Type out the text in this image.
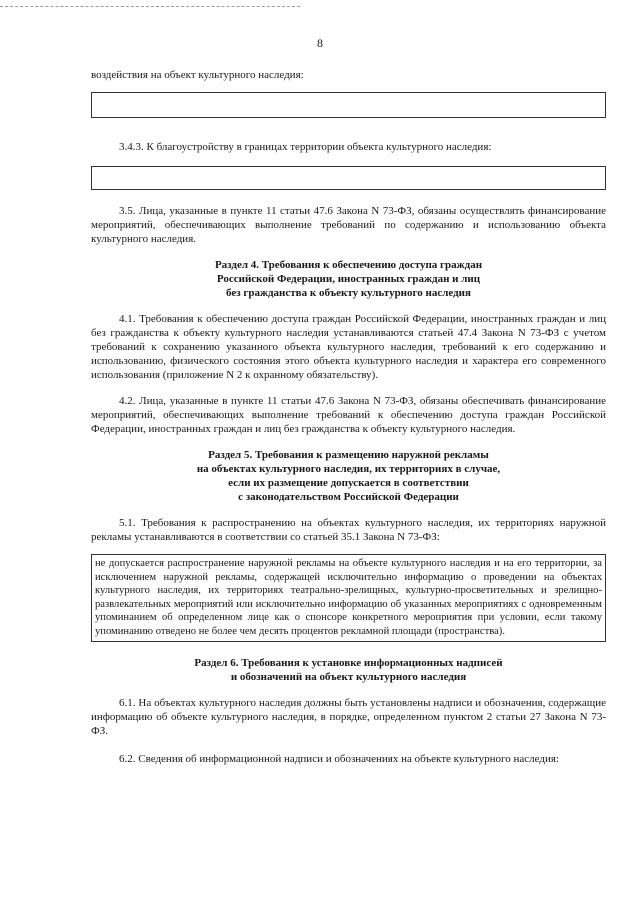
8

воздействия на объект культурного наследия:

3.4.3. К благоустройству в границах территории объекта культурного наследия:

3.5. Лица, указанные в пункте 11 статьи 47.6 Закона N 73-ФЗ, обязаны осуществлять финансирование мероприятий, обеспечивающих выполнение требований по содержанию и использованию объекта культурного наследия.

Раздел 4. Требования к обеспечению доступа граждан
Российской Федерации, иностранных граждан и лиц
без гражданства к объекту культурного наследия

4.1. Требования к обеспечению доступа граждан Российской Федерации, иностранных граждан и лиц без гражданства к объекту культурного наследия устанавливаются статьей 47.4 Закона N 73-ФЗ с учетом требований к сохранению указанного объекта культурного наследия, требований к его содержанию и использованию, физического состояния этого объекта культурного наследия и характера его современного использования (приложение N 2 к охранному обязательству).

4.2. Лица, указанные в пункте 11 статьи 47.6 Закона N 73-ФЗ, обязаны обеспечивать финансирование мероприятий, обеспечивающих выполнение требований к обеспечению доступа граждан Российской Федерации, иностранных граждан и лиц без гражданства к объекту культурного наследия.

Раздел 5. Требования к размещению наружной рекламы
на объектах культурного наследия, их территориях в случае,
если их размещение допускается в соответствии
с законодательством Российской Федерации

5.1. Требования к распространению на объектах культурного наследия, их территориях наружной рекламы устанавливаются в соответствии со статьей 35.1 Закона N 73-ФЗ:

не допускается распространение наружной рекламы на объекте культурного наследия и на его территории, за исключением наружной рекламы, содержащей исключительно информацию о проведении на объектах культурного наследия, их территориях театрально-зрелищных, культурно-просветительных и зрелищно-развлекательных мероприятий или исключительно информацию об указанных мероприятиях с одновременным упоминанием об определенном лице как о спонсоре конкретного мероприятия при условии, если такому упоминанию отведено не более чем десять процентов рекламной площади (пространства).
Раздел 6. Требования к установке информационных надписей
и обозначений на объект культурного наследия

6.1. На объектах культурного наследия должны быть установлены надписи и обозначения, содержащие информацию об объекте культурного наследия, в порядке, определенном пунктом 2 статьи 27 Закона N 73-ФЗ.

6.2. Сведения об информационной надписи и обозначениях на объекте культурного наследия:
